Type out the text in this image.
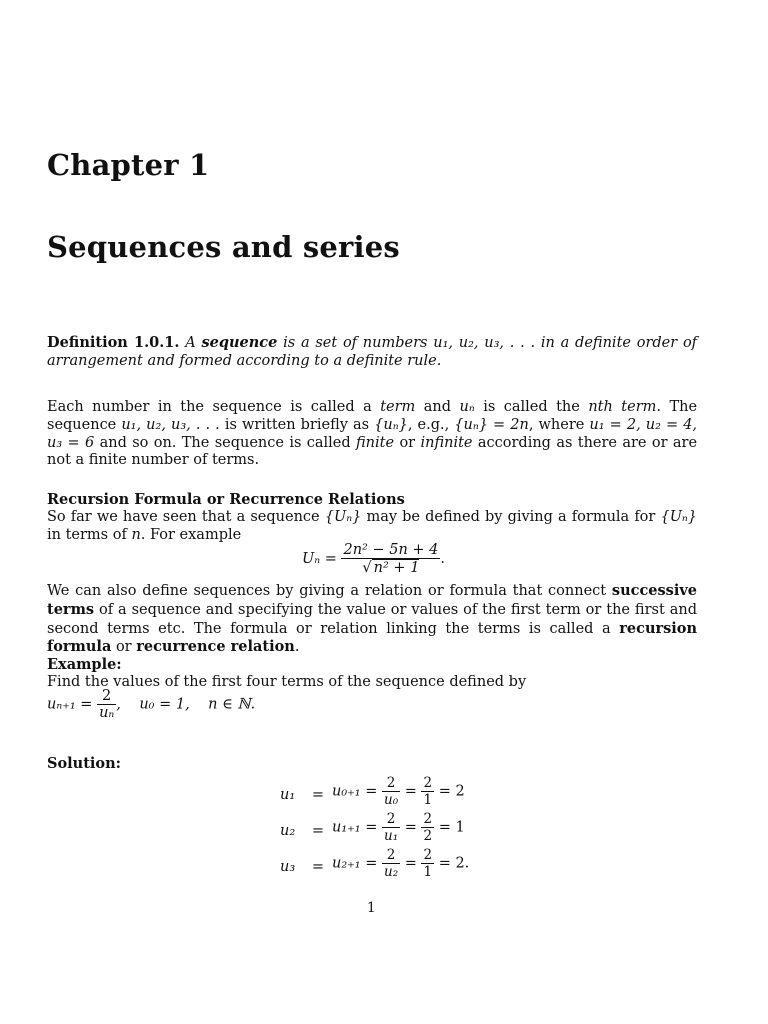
Chapter 1
Sequences and series
Definition 1.0.1. A sequence is a set of numbers u₁, u₂, u₃, . . . in a definite order of arrangement and formed according to a definite rule.
Each number in the sequence is called a term and uₙ is called the nth term. The sequence u₁, u₂, u₃, . . . is written briefly as {uₙ}, e.g., {uₙ} = 2n, where u₁ = 2, u₂ = 4, u₃ = 6 and so on. The sequence is called finite or infinite according as there are or are not a finite number of terms.
Recursion Formula or Recurrence Relations
So far we have seen that a sequence {Uₙ} may be defined by giving a formula for {Uₙ} in terms of n. For example
$U_n = \frac{\text{2n² − 5n + 4}}{\text{√ n² + 1}}$ .
We can also define sequences by giving a relation or formula that connect successive terms of a sequence and specifying the value or values of the first term or the first and second terms etc. The formula or relation linking the terms is called a recursion formula or recurrence relation.
Example:
Find the values of the first four terms of the sequence defined by
$u_{n+1} = \frac{2}{\text{uₙ}}$ ,    u₀ = 1,    n ∈ ℕ.
Solution:
u₁	= $u_{0+1} = \frac{2}{\text{u₀}} = \frac{2}{1} = 2$
u₂	= $u_{1+1} = \frac{2}{\text{u₁}} = \frac{2}{2} = 1$
u₃	= $u_{2+1} = \frac{2}{\text{u₂}} = \frac{2}{1} = 2$.
1
